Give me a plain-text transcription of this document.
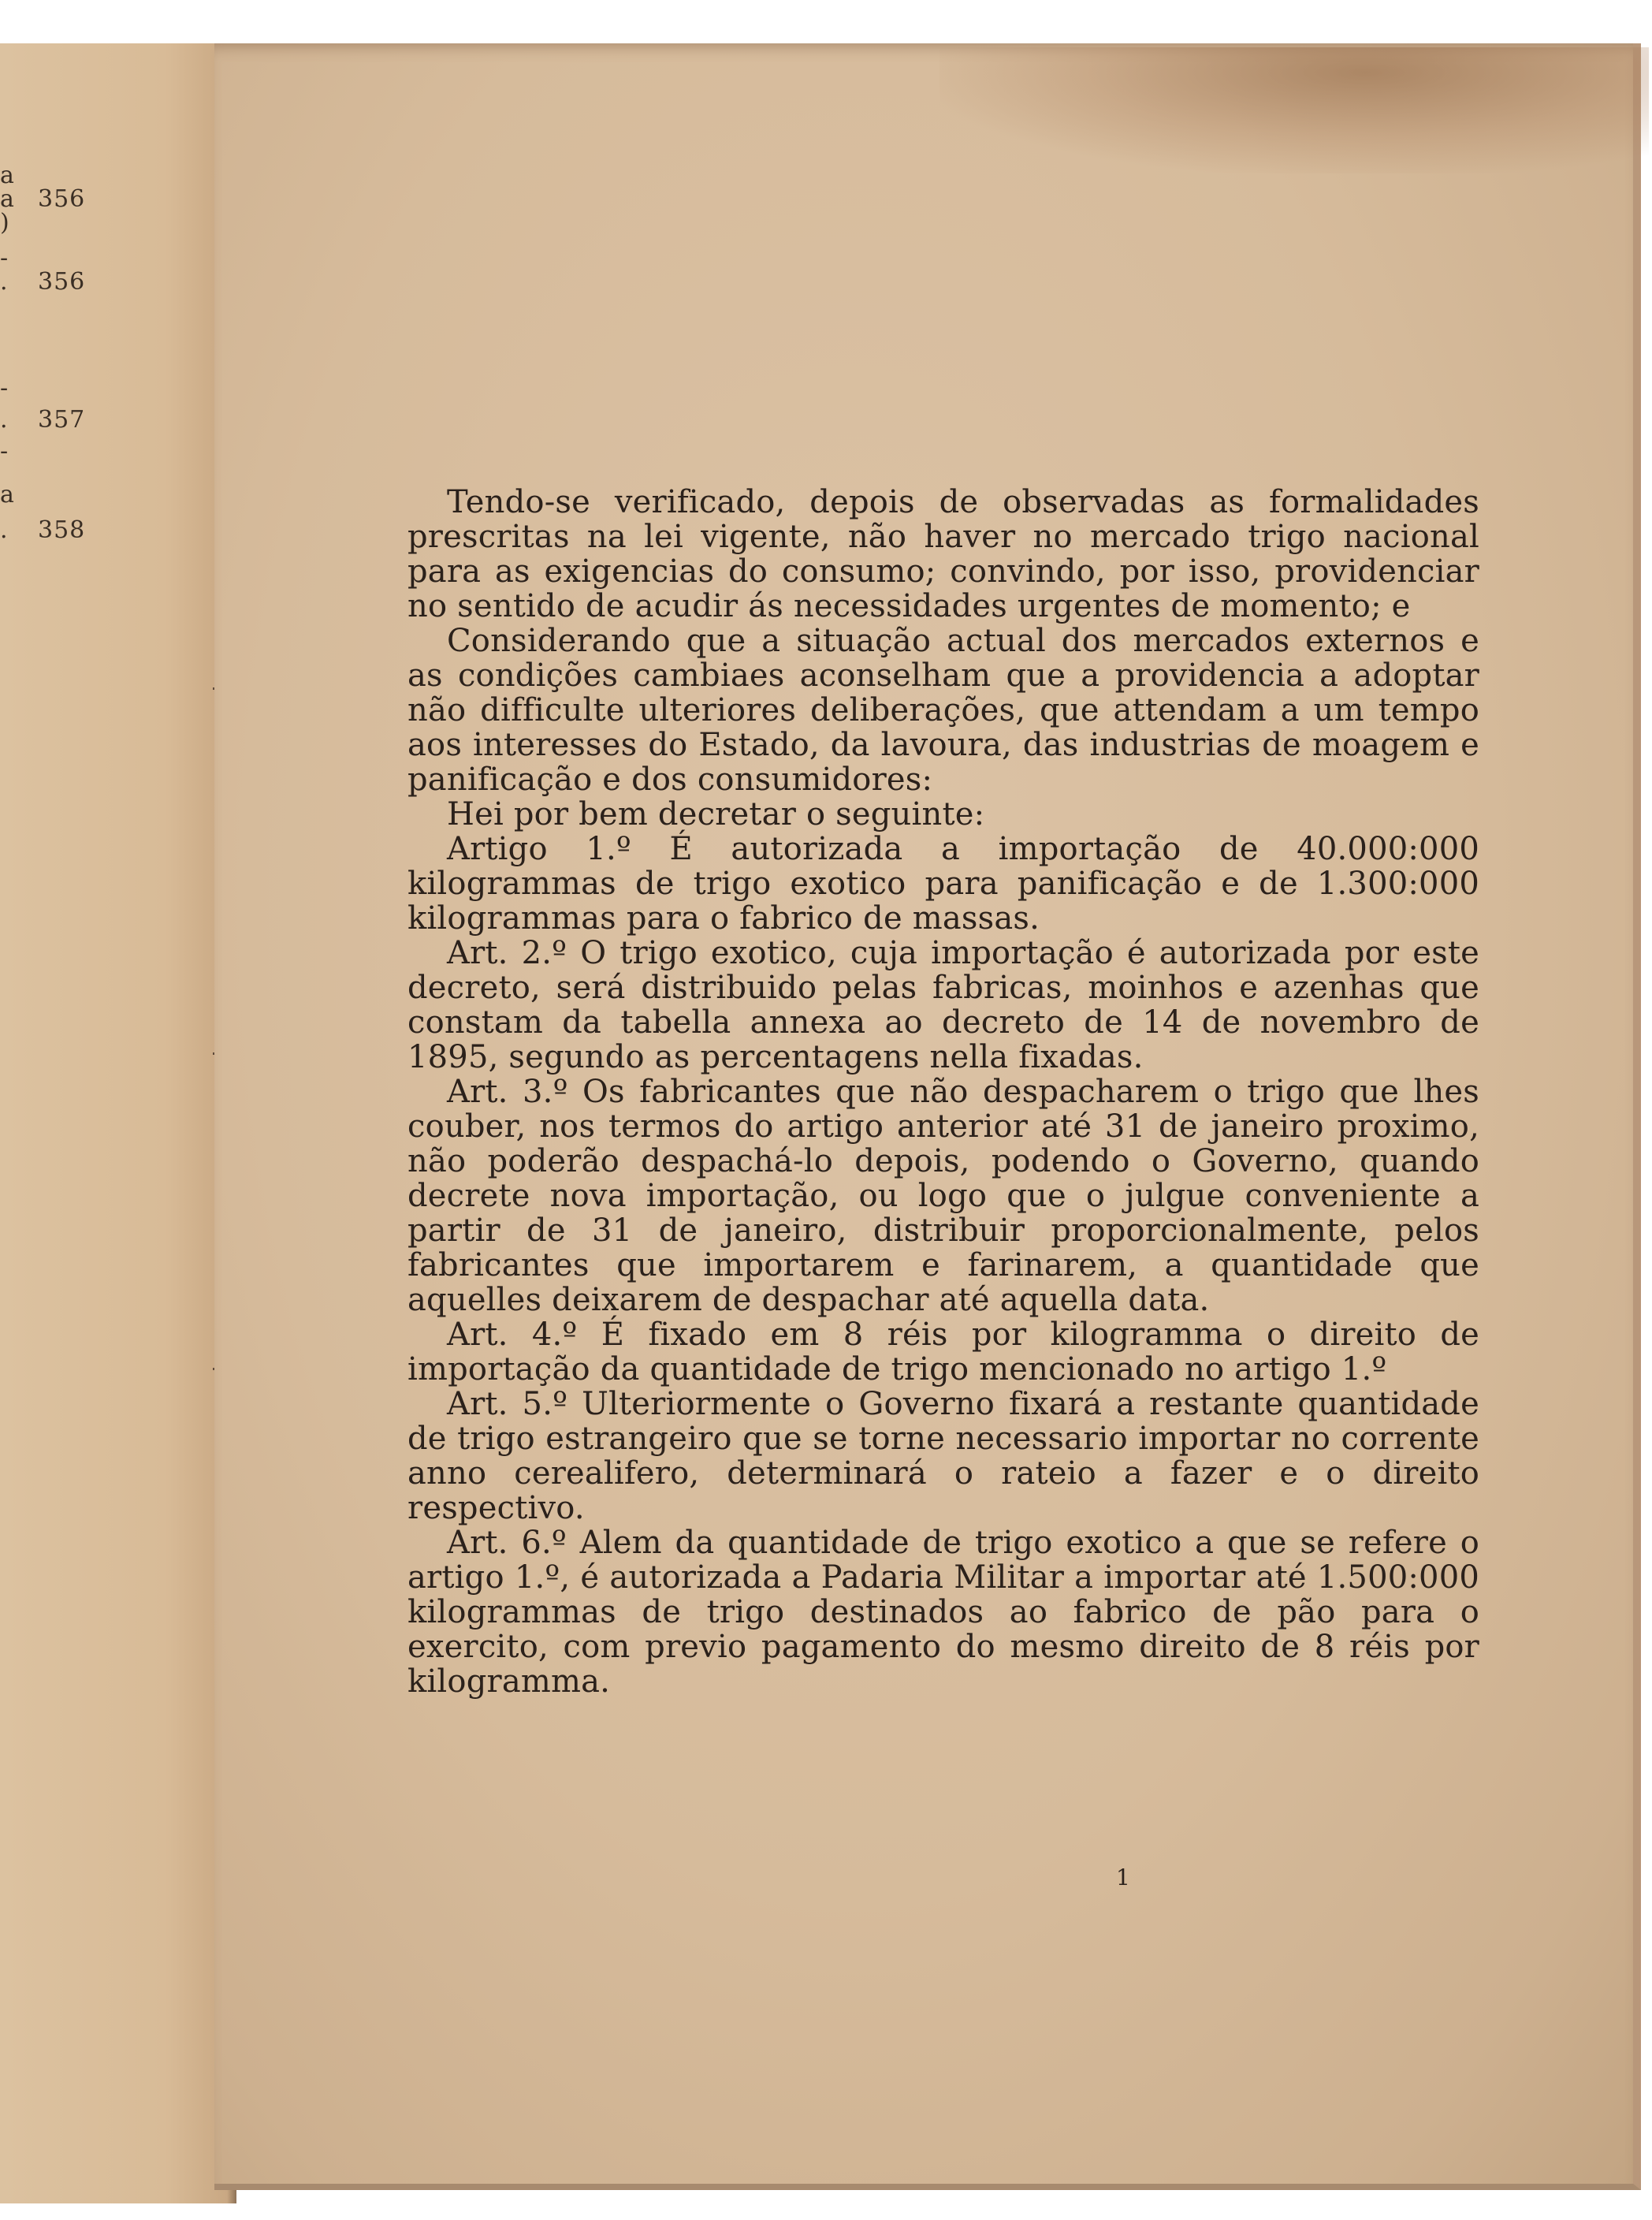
a
a 356
)
-
. 356
-
. 357
-
a
. 358

Tendo-se verificado, depois de observadas as formalidades prescritas na lei vigente, não haver no mercado trigo nacional para as exigencias do consumo; convindo, por isso, providenciar no sentido de acudir ás necessidades urgentes de momento; e

Considerando que a situação actual dos mercados externos e as condições cambiaes aconselham que a providencia a adoptar não difficulte ulteriores deliberações, que attendam a um tempo aos interesses do Estado, da lavoura, das industrias de moagem e panificação e dos consumidores:

Hei por bem decretar o seguinte:

Artigo 1.º É autorizada a importação de 40.000:000 kilogrammas de trigo exotico para panificação e de 1.300:000 kilogrammas para o fabrico de massas.

Art. 2.º O trigo exotico, cuja importação é autorizada por este decreto, será distribuido pelas fabricas, moinhos e azenhas que constam da tabella annexa ao decreto de 14 de novembro de 1895, segundo as percentagens nella fixadas.

Art. 3.º Os fabricantes que não despacharem o trigo que lhes couber, nos termos do artigo anterior até 31 de janeiro proximo, não poderão despachá-lo depois, podendo o Governo, quando decrete nova importação, ou logo que o julgue conveniente a partir de 31 de janeiro, distribuir proporcionalmente, pelos fabricantes que importarem e farinarem, a quantidade que aquelles deixarem de despachar até aquella data.

Art. 4.º É fixado em 8 réis por kilogramma o direito de importação da quantidade de trigo mencionado no artigo 1.º

Art. 5.º Ulteriormente o Governo fixará a restante quantidade de trigo estrangeiro que se torne necessario importar no corrente anno cerealifero, determinará o rateio a fazer e o direito respectivo.

Art. 6.º Alem da quantidade de trigo exotico a que se refere o artigo 1.º, é autorizada a Padaria Militar a importar até 1.500:000 kilogrammas de trigo destinados ao fabrico de pão para o exercito, com previo pagamento do mesmo direito de 8 réis por kilogramma.

1
